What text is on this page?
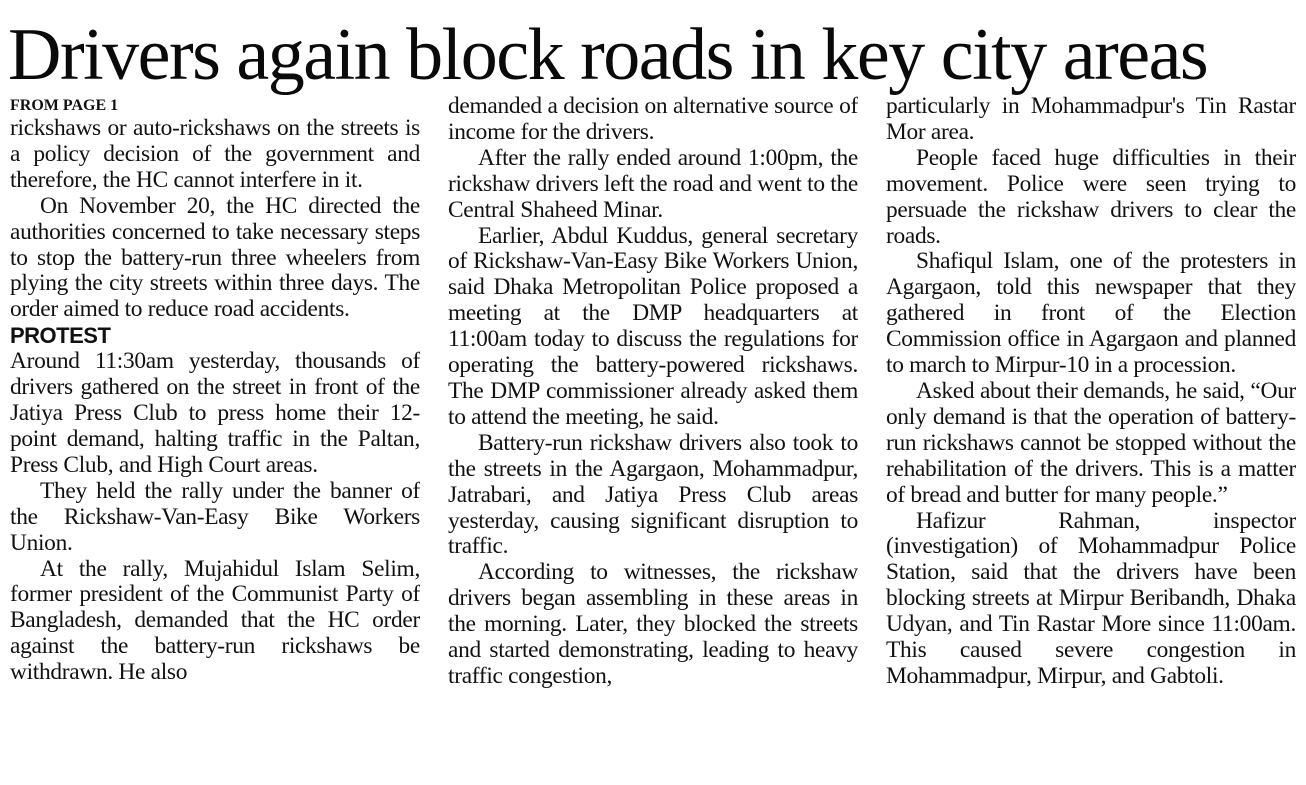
Drivers again block roads in key city areas
FROM PAGE 1

rickshaws or auto-rickshaws on the streets is a policy decision of the government and therefore, the HC cannot interfere in it.

On November 20, the HC directed the authorities concerned to take necessary steps to stop the battery-run three wheelers from plying the city streets within three days. The order aimed to reduce road accidents.

PROTEST

Around 11:30am yesterday, thousands of drivers gathered on the street in front of the Jatiya Press Club to press home their 12-point demand, halting traffic in the Paltan, Press Club, and High Court areas.

They held the rally under the banner of the Rickshaw-Van-Easy Bike Workers Union.

At the rally, Mujahidul Islam Selim, former president of the Communist Party of Bangladesh, demanded that the HC order against the battery-run rickshaws be withdrawn. He also

demanded a decision on alternative source of income for the drivers.

After the rally ended around 1:00pm, the rickshaw drivers left the road and went to the Central Shaheed Minar.

Earlier, Abdul Kuddus, general secretary of Rickshaw-Van-Easy Bike Workers Union, said Dhaka Metropolitan Police proposed a meeting at the DMP headquarters at 11:00am today to discuss the regulations for operating the battery-powered rickshaws. The DMP commissioner already asked them to attend the meeting, he said.

Battery-run rickshaw drivers also took to the streets in the Agargaon, Mohammadpur, Jatrabari, and Jatiya Press Club areas yesterday, causing significant disruption to traffic.

According to witnesses, the rickshaw drivers began assembling in these areas in the morning. Later, they blocked the streets and started demonstrating, leading to heavy traffic congestion,

particularly in Mohammadpur's Tin Rastar Mor area.

People faced huge difficulties in their movement. Police were seen trying to persuade the rickshaw drivers to clear the roads.

Shafiqul Islam, one of the protesters in Agargaon, told this newspaper that they gathered in front of the Election Commission office in Agargaon and planned to march to Mirpur-10 in a procession.

Asked about their demands, he said, “Our only demand is that the operation of battery-run rickshaws cannot be stopped without the rehabilitation of the drivers. This is a matter of bread and butter for many people.”

Hafizur Rahman, inspector (investigation) of Mohammadpur Police Station, said that the drivers have been blocking streets at Mirpur Beribandh, Dhaka Udyan, and Tin Rastar More since 11:00am. This caused severe congestion in Mohammadpur, Mirpur, and Gabtoli.
